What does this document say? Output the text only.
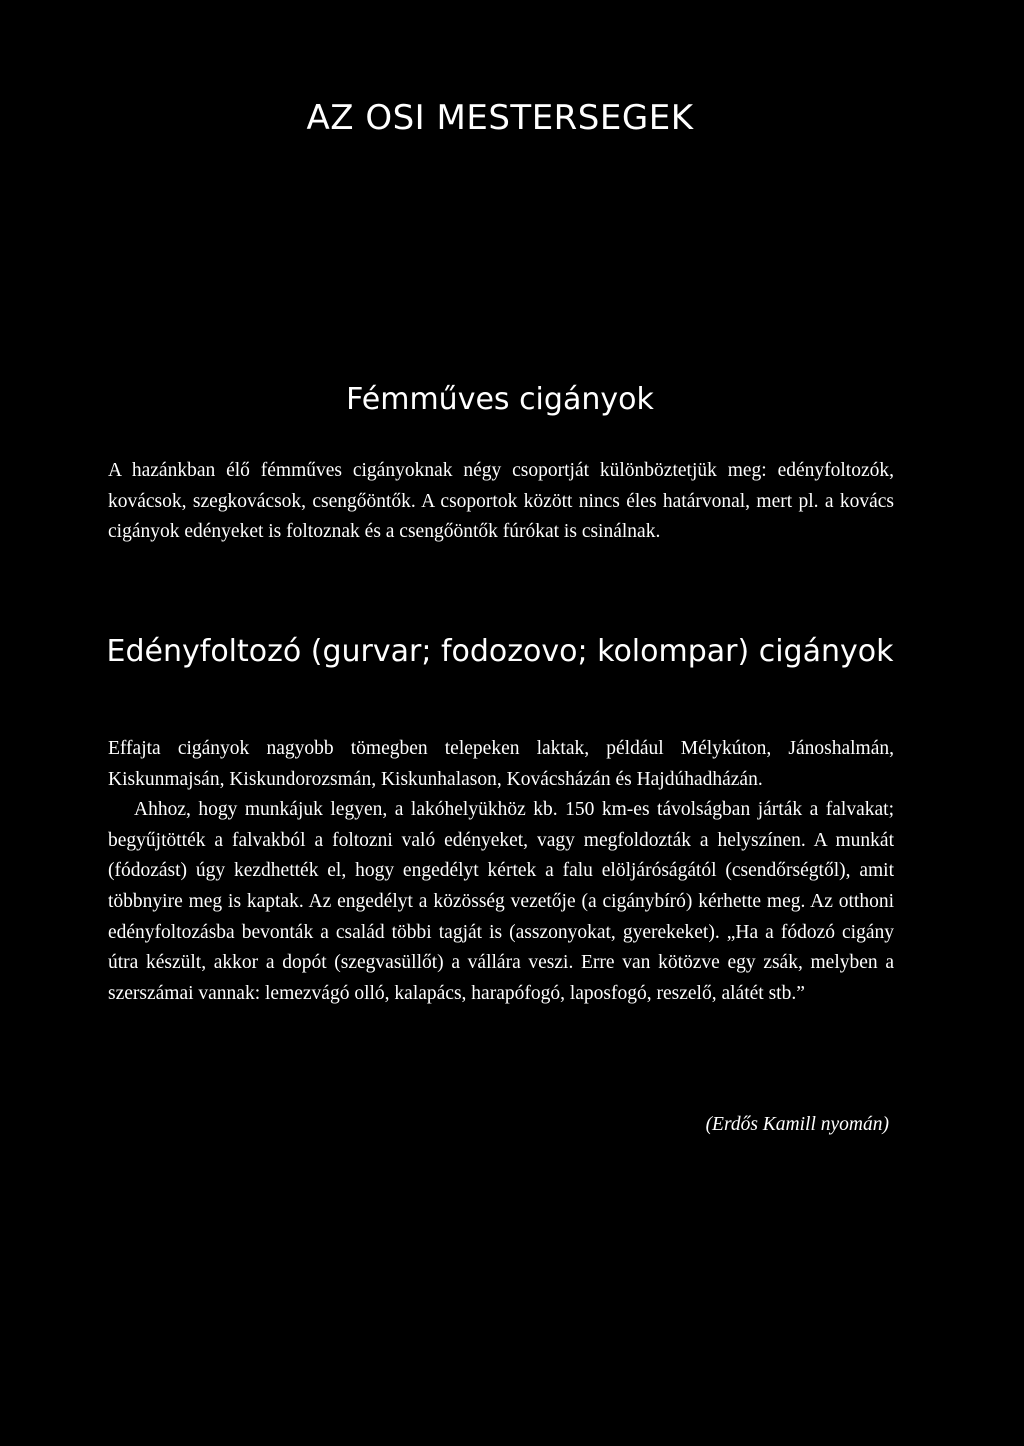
AZ OSI MESTERSEGEK
Fémműves cigányok

A hazánkban élő fémműves cigányoknak négy csoportját különböztetjük meg: edényfoltozók, kovácsok, szegkovácsok, csengőöntők. A csoportok között nincs éles határvonal, mert pl. a kovács cigányok edényeket is foltoznak és a csengőöntők fúrókat is csinálnak.

Edényfoltozó (gurvar; fodozovo; kolompar) cigányok

Effajta cigányok nagyobb tömegben telepeken laktak, például Mélykúton, Jánoshalmán, Kiskunmajsán, Kiskundorozsmán, Kiskunhalason, Kovácsházán és Hajdúhadházán.

Ahhoz, hogy munkájuk legyen, a lakóhelyükhöz kb. 150 km-es távolságban járták a falvakat; begyűjtötték a falvakból a foltozni való edényeket, vagy megfoldozták a helyszínen. A munkát (fódozást) úgy kezdhették el, hogy engedélyt kértek a falu elöljáróságától (csendőrségtől), amit többnyire meg is kaptak. Az engedélyt a közösség vezetője (a cigánybíró) kérhette meg. Az otthoni edényfoltozásba bevonták a család többi tagját is (asszonyokat, gyerekeket). „Ha a fódozó cigány útra készült, akkor a dopót (szegvasüllőt) a vállára veszi. Erre van kötözve egy zsák, melyben a szerszámai vannak: lemezvágó olló, kalapács, harapófogó, laposfogó, reszelő, alátét stb.”

(Erdős Kamill nyomán)
